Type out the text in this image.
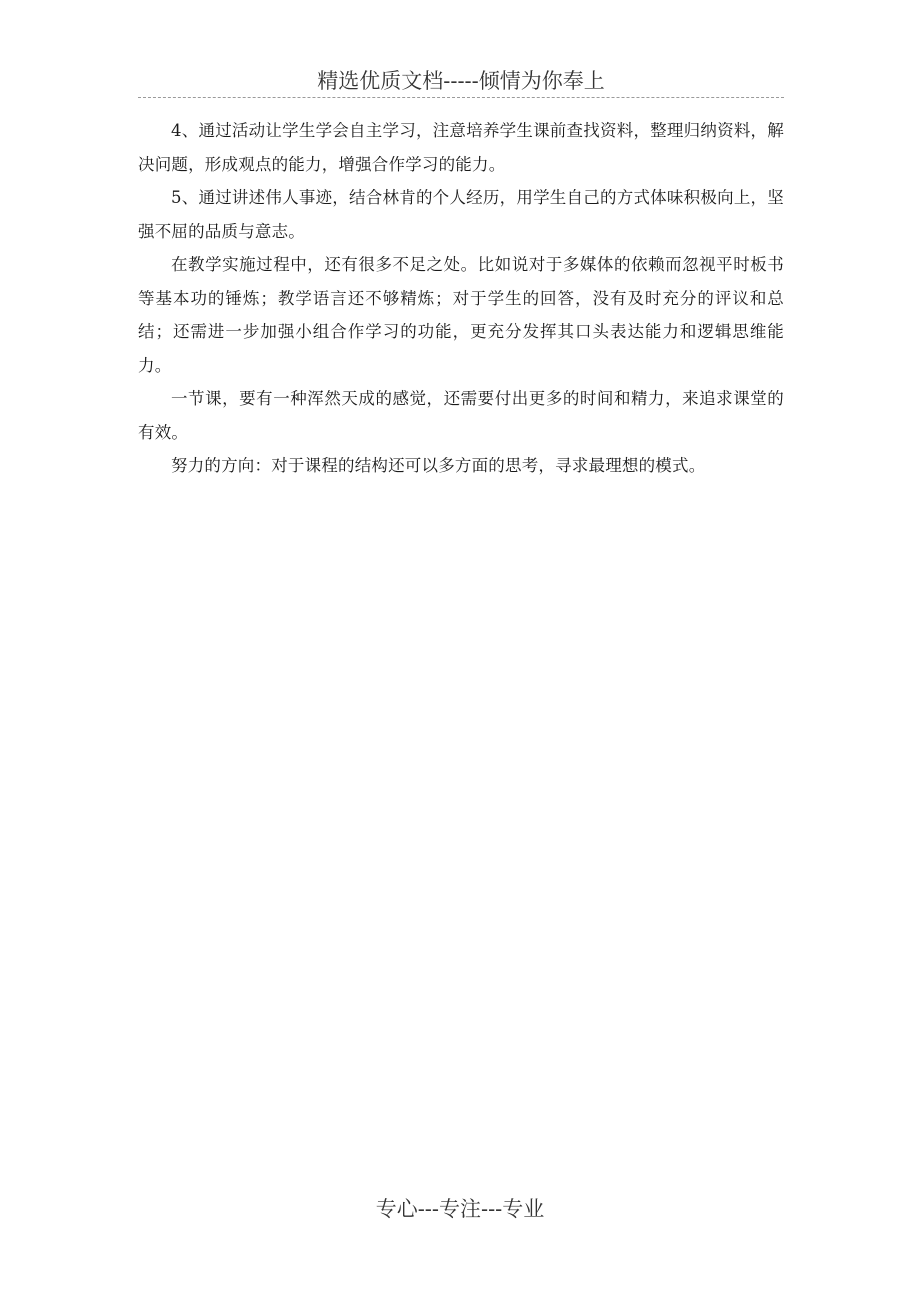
精选优质文档-----倾情为你奉上

4、通过活动让学生学会自主学习，注意培养学生课前查找资料，整理归纳资料，解决问题，形成观点的能力，增强合作学习的能力。

5、通过讲述伟人事迹，结合林肯的个人经历，用学生自己的方式体味积极向上，坚强不屈的品质与意志。

在教学实施过程中，还有很多不足之处。比如说对于多媒体的依赖而忽视平时板书等基本功的锤炼；教学语言还不够精炼；对于学生的回答，没有及时充分的评议和总结；还需进一步加强小组合作学习的功能，更充分发挥其口头表达能力和逻辑思维能力。

一节课，要有一种浑然天成的感觉，还需要付出更多的时间和精力，来追求课堂的有效。

努力的方向：对于课程的结构还可以多方面的思考，寻求最理想的模式。

专心---专注---专业
